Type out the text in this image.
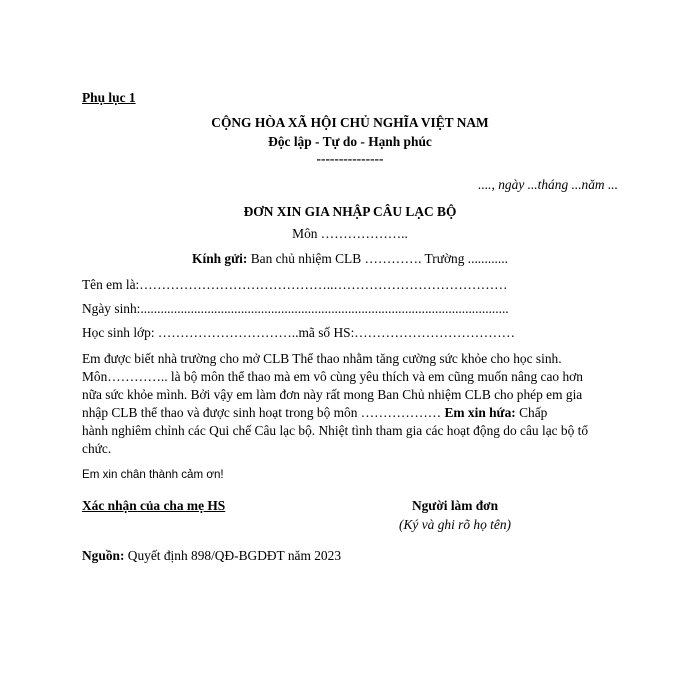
Phụ lục 1
CỘNG HÒA XÃ HỘI CHỦ NGHĨA VIỆT NAM
Độc lập - Tự do - Hạnh phúc
---------------
...., ngày ...tháng ...năm ...
ĐƠN XIN GIA NHẬP CÂU LẠC BỘ
Môn ………………..
Kính gửi: Ban chủ nhiệm CLB …………. Trường ............
Tên em là:……………………………………..…………………………………
Ngày sinh:..............................................................................................................
Học sinh lớp: …………………………..mã số HS:………………………………
Em được biết nhà trường cho mở CLB Thể thao nhằm tăng cường sức khỏe cho học sinh.
Môn………….. là bộ môn thể thao mà em vô cùng yêu thích và em cũng muốn nâng cao hơn
nữa sức khỏe mình. Bởi vậy em làm đơn này rất mong Ban Chủ nhiệm CLB cho phép em gia
nhập CLB thể thao và được sinh hoạt trong bộ môn ……………… Em xin hứa: Chấp
hành nghiêm chỉnh các Qui chế Câu lạc bộ. Nhiệt tình tham gia các hoạt động do câu lạc bộ tổ
chức.
Em xin chân thành cảm ơn!
Xác nhận của cha mẹ HS	Người làm đơn
(Ký và ghi rõ họ tên)
Nguồn: Quyết định 898/QĐ-BGDĐT năm 2023
